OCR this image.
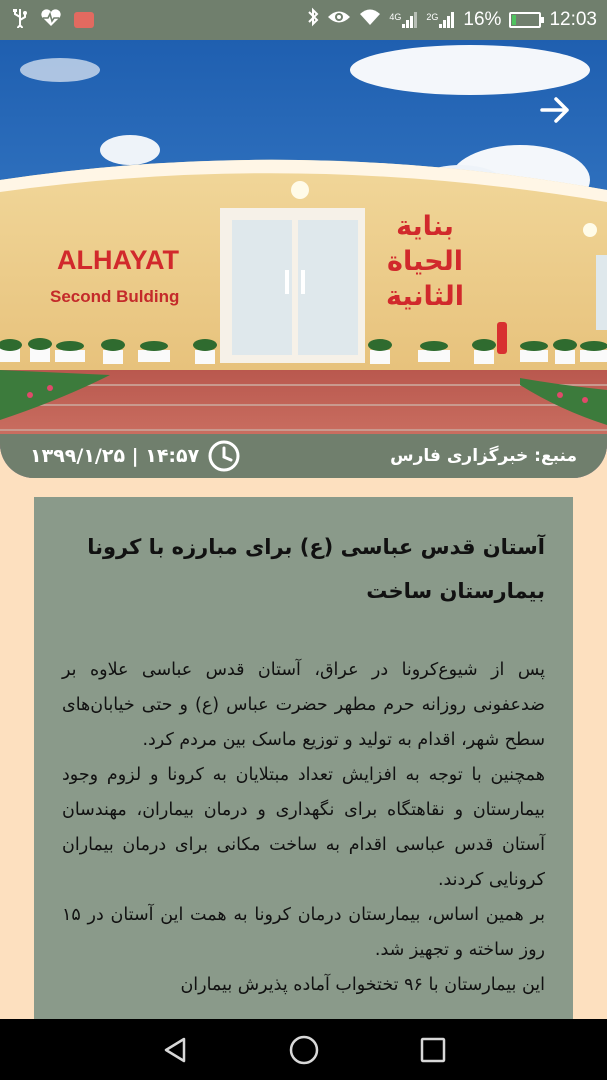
4G	2G 16%	12:03
ALHAYAT
Second Bulding
بناية
الحياة
الثانية
۱۳۹۹/۱/۲۵ | ۱۴:۵۷	منبع: خبرگزاری فارس
آستان قدس عباسی (ع) برای مبارزه با کرونا بیمارستان ساخت

پس از شیوع‌کرونا در عراق، آستان قدس عباسی علاوه بر ضدعفونی روزانه حرم مطهر حضرت عباس (ع) و حتی خیابان‌های سطح شهر، اقدام به تولید و توزیع ماسک بین مردم کرد.

همچنین با توجه به افزایش تعداد مبتلایان به کرونا و لزوم وجود بیمارستان و نقاهتگاه برای نگهداری و درمان بیماران، مهندسان آستان قدس عباسی اقدام به ساخت مکانی برای درمان بیماران کرونایی کردند.

بر همین اساس، بیمارستان درمان کرونا به همت این آستان در ۱۵ روز ساخته و تجهیز شد.

این بیمارستان با ۹۶ تختخواب آماده پذیرش بیماران
